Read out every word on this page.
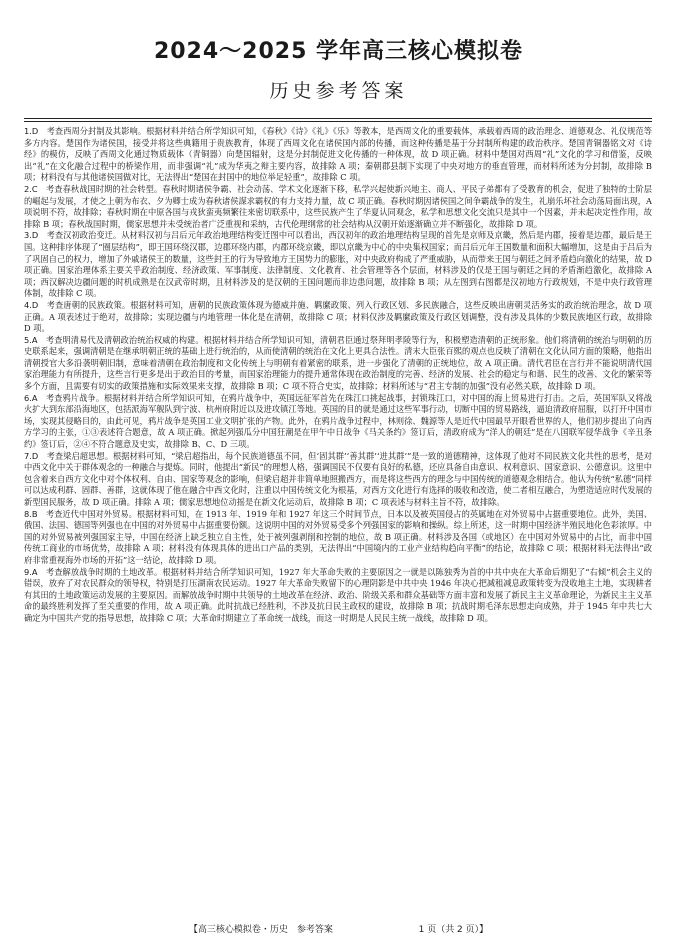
2024～2025 学年高三核心模拟卷
历史参考答案

1.D　 考查西周分封制及其影响。根据材料并结合所学知识可知，《春秋》《诗》《礼》《乐》等教本，是西周文化的重要载体，承载着西周的政治理念、道德观念、礼仪规范等多方内容。楚国作为诸侯国，接受并将这些典籍用于贵族教育，体现了西周文化在诸侯国内部的传播，而这种传播是基于分封制所构建的政治秩序。楚国青铜器铭文对《诗经》的模仿，反映了西周文化通过物质载体（青铜器）向楚国辐射，这是分封制促进文化传播的一种体现，故 D 项正确。材料中楚国对西周“礼”文化的学习和借鉴，反映出“礼”在文化融合过程中的桥梁作用，而非强调“礼”成为华夷之辩主要内容，故排除 A 项；秦朝郡县制下实现了中央对地方的垂直管理，而材料所述为分封制，故排除 B 项；材料没有与其他诸侯国做对比，无法得出“楚国在封国中的地位举足轻重”，故排除 C 项。

2.C　 考查春秋战国时期的社会转型。春秋时期诸侯争霸、社会动荡、学术文化逐渐下移，私学兴起使新兴地主、商人、平民子弟都有了受教育的机会，促进了独特的士阶层的崛起与发展，才使之上朝为布衣、夕为卿士成为春秋诸侯謀求霸权的有力支持力量，故 C 项正确。春秋时期因诸侯国之间争霸战争的发生，礼崩乐坏社会动荡局面出现，A 项说明不符，故排除；春秋时期在中原各国与戎狄蛮夷频繁往来密切联系中，这些民族产生了华夏认同观念，私学和思想文化交流只是其中一个因素，并未起决定性作用，故排除 B 项；春秋战国时期，儒家思想并未受统治者广泛重视和采纳，古代伦理纲常的社会结构从汉朝开始逐渐确立并不断强化，故排除 D 项。

3.D　 考查汉初政治变迁。从材料汉初与吕后元年政治地理结构变迁图中可以看出，西汉初年的政治地理结构呈现的首先是京师及京畿，然后是内郡，接着是边郡，最后是王国。这种排序体现了“圈层结构”，即王国环绕汉郡，边郡环绕内郡，内郡环绕京畿，即以京畿为中心的中央集权国家；而吕后元年王国数量和面积大幅增加，这是由于吕后为了巩固自己的权力，增加了外戚诸侯王的数量，这些封王的行为导致地方王国势力的膨胀，对中央政府构成了严重威胁，从而带来王国与朝廷之间矛盾趋向激化的结果，故 D 项正确。国家治理体系主要关乎政治制度、经济政策、军事制度、法律制度、文化教育、社会管理等各个层面，材料涉及的仅是王国与朝廷之间的矛盾渐趋激化，故排除 A 项；西汉解决边疆问题的时机成熟是在汉武帝时期，且材料涉及的是汉朝的王国问题而非边患问题，故排除 B 项；从左图到右图都是汉初地方行政规划，不是中央行政管理体制，故排除 C 项。

4.D　 考查唐朝的民族政策。根据材料可知，唐朝的民族政策体现为德威并施、羁縻政策、列入行政区划、多民族融合，这些反映出唐朝灵活务实的政治统治理念，故 D 项正确。A 项表述过于绝对，故排除；实现边疆与内地管理一体化是在清朝，故排除 C 项；材料仅涉及羁縻政策及行政区划调整，没有涉及具体的少数民族地区行政，故排除 D 项。

5.A　 考查明清易代及清朝政治统治权威的构建。根据材料并结合所学知识可知，清朝君臣通过祭拜明孝陵等行为，积极塑造清朝的正统形象。他们将清朝的统治与明朝的历史联系起来，强调清朝是在继承明朝正统的基础上进行统治的，从而使清朝的统治在文化上更具合法性。清末大臣张百熙的观点也反映了清朝在文化认同方面的策略，他指出清朝授官大多沿袭明朝旧制，意味着清朝在政治制度和文化传统上与明朝有着紧密的联系，进一步强化了清朝的正统地位，故 A 项正确。清代君臣在言行并不能说明清代国家治理能力有所提升，这些言行更多是出于政治目的考量，而国家治理能力的提升通常体现在政治制度的完善、经济的发展、社会的稳定与和谐、民生的改善、文化的繁荣等多个方面，且需要有切实的政策措施和实际效果来支撑，故排除 B 项；C 项不符合史实，故排除；材料所述与“君主专制的加强”没有必然关联，故排除 D 项。

6.A　 考查鸦片战争。根据材料并结合所学知识可知，在鸦片战争中，英国远征军首先在珠江口挑起战事，封锁珠江口，对中国的海上贸易进行打击。之后，英国军队又将战火扩大到东部沿海地区，包括派海军舰队到宁波、杭州府附近以及进攻镇江等地。英国的目的就是通过这些军事行动，切断中国的贸易路线，逼迫清政府屈服，以打开中国市场，实现其侵略目的，由此可见，鸦片战争是英国工业文明扩张的产物。此外，在鸦片战争过程中，林则徐、魏源等人是近代中国最早开眼看世界的人，他们初步提出了向西方学习的主张，①③表述符合题意，故 A 项正确。掀起列强瓜分中国狂潮是在甲午中日战争《马关条约》签订后，清政府成为“洋人的朝廷”是在八国联军侵华战争《辛丑条约》签订后，②④不符合题意及史实，故排除 B、C、D 三项。

7.D　 考查梁启超思想。根据材料可知，“梁启超指出，每个民族道德虽不同，但‘固其群’‘善其群’‘进其群’”是一致的道德精神，这体现了他对不同民族文化共性的思考，是对中西文化中关于群体观念的一种融合与提炼。同时，他提出“新民”的理想人格，强调国民不仅要有良好的私德，还应具备自由意识、权利意识、国家意识、公德意识。这里中包含着来自西方文化中对个体权利、自由、国家等观念的影响，但梁启超并非简单地照搬西方，而是将这些西方的理念与中国传统的道德观念相结合。他认为传统“私德”同样可以达成利群、固群、善群，这就体现了他在融合中西文化时，注重以中国传统文化为根基，对西方文化进行有选择的吸收和改造，使二者相互融合，为塑造适应时代发展的新型国民服务，故 D 项正确。排除 A 项；儒家思想地位动摇是在新文化运动后，故排除 B 项；C 项表述与材料主旨不符，故排除。

8.B　 考查近代中国对外贸易。根据材料可知，在 1913 年、1919 年和 1927 年这三个时间节点，日本以及被英国侵占的英属地在对外贸易中占据重要地位。此外，美国、俄国、法国、德国等列强也在中国的对外贸易中占据重要份额。这说明中国的对外贸易受多个列强国家的影响和操纵。综上所述，这一时期中国经济半殖民地化色彩浓厚。中国的对外贸易被列强国家主导，中国在经济上缺乏独立自主性，处于被列强剥削和控制的地位，故 B 项正确。材料涉及各国（或地区）在中国对外贸易中的占比，而非中国传统工商业的市场优势，故排除 A 项；材料没有体现具体的进出口产品的类别，无法得出“中国境内的工业产业结构趋向平衡”的结论，故排除 C 项；根据材料无法得出“政府非常重视海外市场的开拓”这一结论，故排除 D 项。

9.A　 考查解放战争时期的土地改革。根据材料并结合所学知识可知，1927 年大革命失败的主要原因之一就是以陈独秀为首的中共中央在大革命后期犯了“右倾”机会主义的错误，放弃了对农民群众的领导权，特别是打压湖南农民运动。1927 年大革命失败留下的心理阴影是中共中央 1946 年决心把减租减息政策转变为没收地主土地，实现耕者有其田的土地政策运动发展的主要原因。而解放战争时期中共领导的土地改革在经济、政治、阶级关系和群众基础等方面丰富和发展了新民主主义革命理论，为新民主主义革命的最终胜利发挥了至关重要的作用，故 A 项正确。此时抗战已经胜利，不涉及抗日民主政权的建设，故排除 B 项；抗战时期毛泽东思想走向成熟，并于 1945 年中共七大确定为中国共产党的指导思想，故排除 C 项；大革命时期建立了革命统一战线，而这一时期是人民民主统一战线，故排除 D 项。

【高三核心模拟卷・历史　参考答案	1 页（共 2 页）】
